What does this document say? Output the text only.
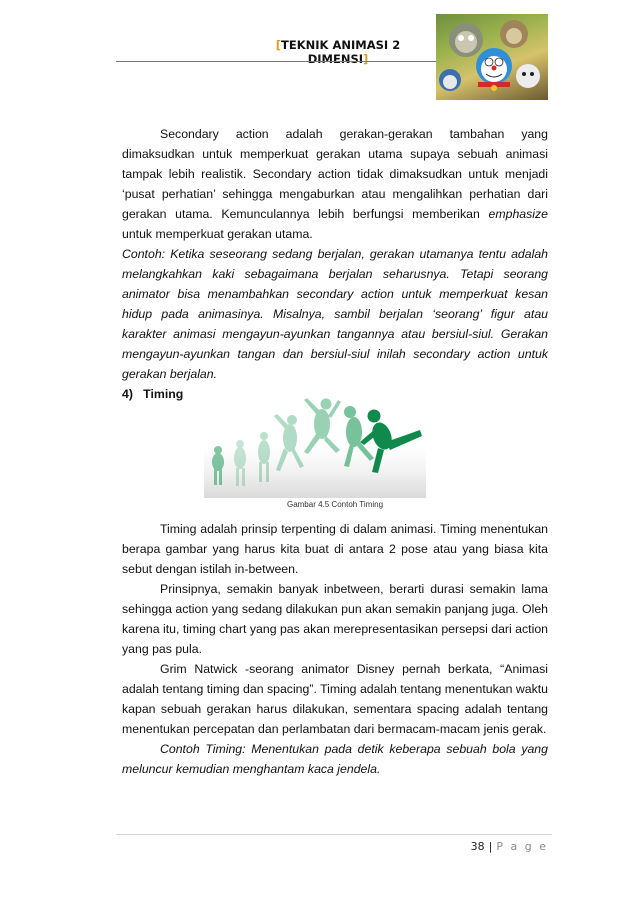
[TEKNIK ANIMASI 2 DIMENSI]

Secondary action adalah gerakan-gerakan tambahan yang dimaksudkan untuk memperkuat gerakan utama supaya sebuah animasi tampak lebih realistik. Secondary action tidak dimaksudkan untuk menjadi ‘pusat perhatian’ sehingga mengaburkan atau mengalihkan perhatian dari gerakan utama. Kemunculannya lebih berfungsi memberikan emphasize untuk memperkuat gerakan utama.

Contoh: Ketika seseorang sedang berjalan, gerakan utamanya tentu adalah melangkahkan kaki sebagaimana berjalan seharusnya. Tetapi seorang animator bisa menambahkan secondary action untuk memperkuat kesan hidup pada animasinya. Misalnya, sambil berjalan ‘seorang’ figur atau karakter animasi mengayun-ayunkan tangannya atau bersiul-siul. Gerakan mengayun-ayunkan tangan dan bersiul-siul inilah secondary action untuk gerakan berjalan.

4)   Timing

Gambar 4.5 Contoh Timing

Timing adalah prinsip terpenting di dalam animasi. Timing menentukan berapa gambar yang harus kita buat di antara 2 pose atau yang biasa kita sebut dengan istilah in-between.

Prinsipnya, semakin banyak inbetween, berarti durasi semakin lama sehingga action yang sedang dilakukan pun akan semakin panjang juga. Oleh karena itu, timing chart yang pas akan merepresentasikan persepsi dari action yang pas pula.

Grim Natwick -seorang animator Disney pernah berkata, “Animasi adalah tentang timing dan spacing”. Timing adalah tentang menentukan waktu kapan sebuah gerakan harus dilakukan, sementara spacing adalah tentang menentukan percepatan dan perlambatan dari bermacam-macam jenis gerak.

Contoh Timing: Menentukan pada detik keberapa sebuah bola yang meluncur kemudian menghantam kaca jendela.

38 | P a g e
